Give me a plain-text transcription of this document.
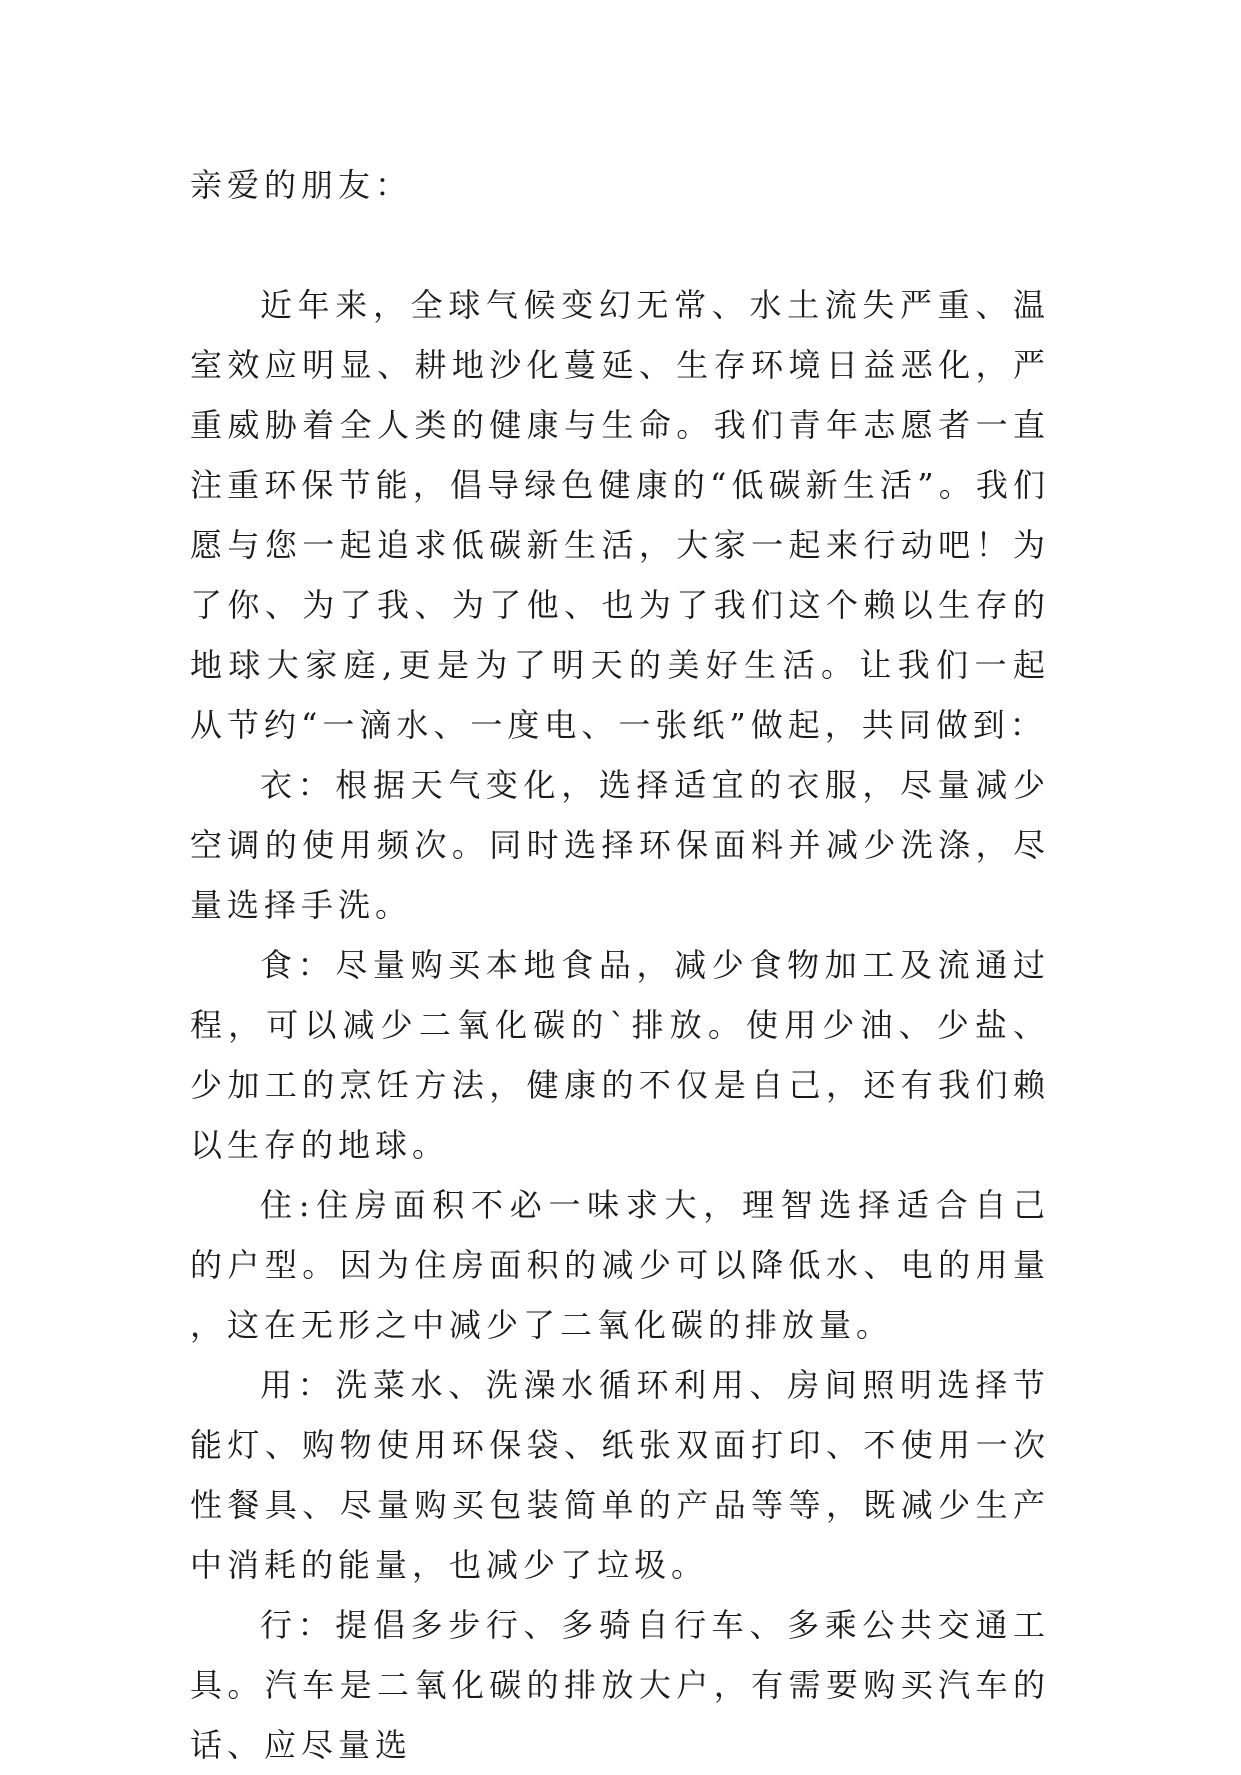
亲爱的朋友：

近年来，全球气候变幻无常、水土流失严重、温室效应明显、耕地沙化蔓延、生存环境日益恶化，严重威胁着全人类的健康与生命。我们青年志愿者一直注重环保节能，倡导绿色健康的“低碳新生活”。我们愿与您一起追求低碳新生活，大家一起来行动吧！为了你、为了我、为了他、也为了我们这个赖以生存的地球大家庭,更是为了明天的美好生活。让我们一起从节约“一滴水、一度电、一张纸”做起，共同做到：

衣：根据天气变化，选择适宜的衣服，尽量减少空调的使用频次。同时选择环保面料并减少洗涤，尽量选择手洗。

食：尽量购买本地食品，减少食物加工及流通过程，可以减少二氧化碳的`排放。使用少油、少盐、少加工的烹饪方法，健康的不仅是自己，还有我们赖以生存的地球。

住:住房面积不必一味求大，理智选择适合自己的户型。因为住房面积的减少可以降低水、电的用量，这在无形之中减少了二氧化碳的排放量。

用：洗菜水、洗澡水循环利用、房间照明选择节能灯、购物使用环保袋、纸张双面打印、不使用一次性餐具、尽量购买包装简单的产品等等，既减少生产中消耗的能量，也减少了垃圾。

行：提倡多步行、多骑自行车、多乘公共交通工具。汽车是二氧化碳的排放大户，有需要购买汽车的话、应尽量选
